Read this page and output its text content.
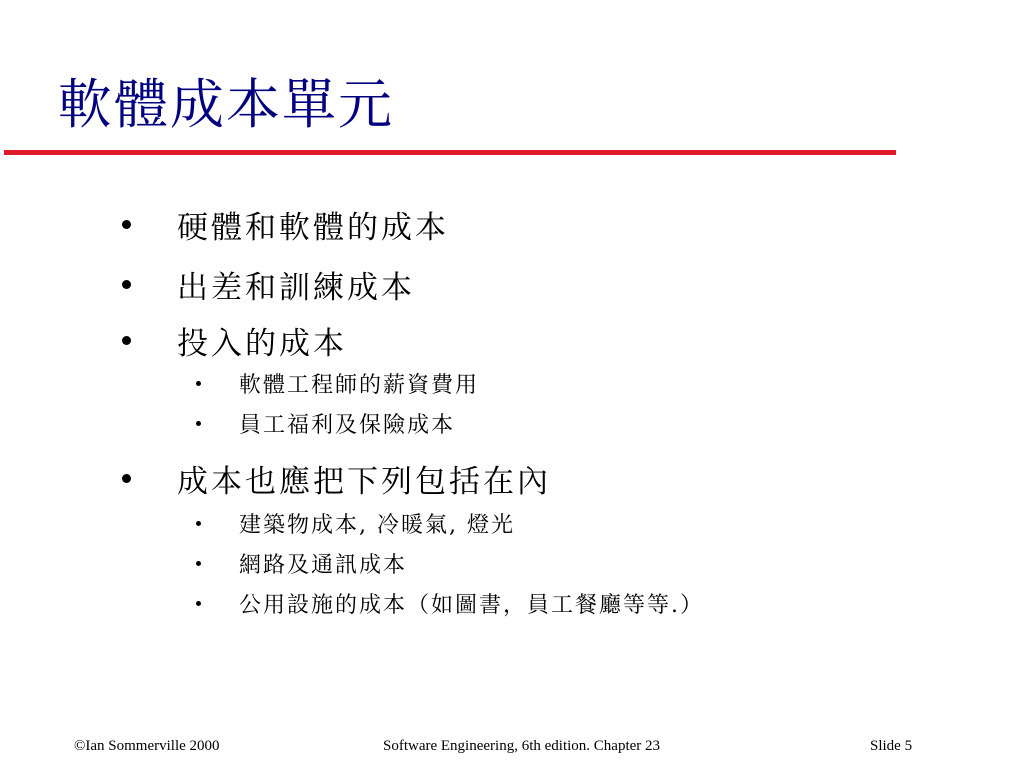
軟體成本單元
硬體和軟體的成本
出差和訓練成本
投入的成本
軟體工程師的薪資費用
員工福利及保險成本
成本也應把下列包括在內
建築物成本, 冷暖氣, 燈光
網路及通訊成本
公用設施的成本（如圖書，員工餐廳等等.）
©Ian Sommerville 2000	Software Engineering, 6th edition. Chapter 23	Slide 5
